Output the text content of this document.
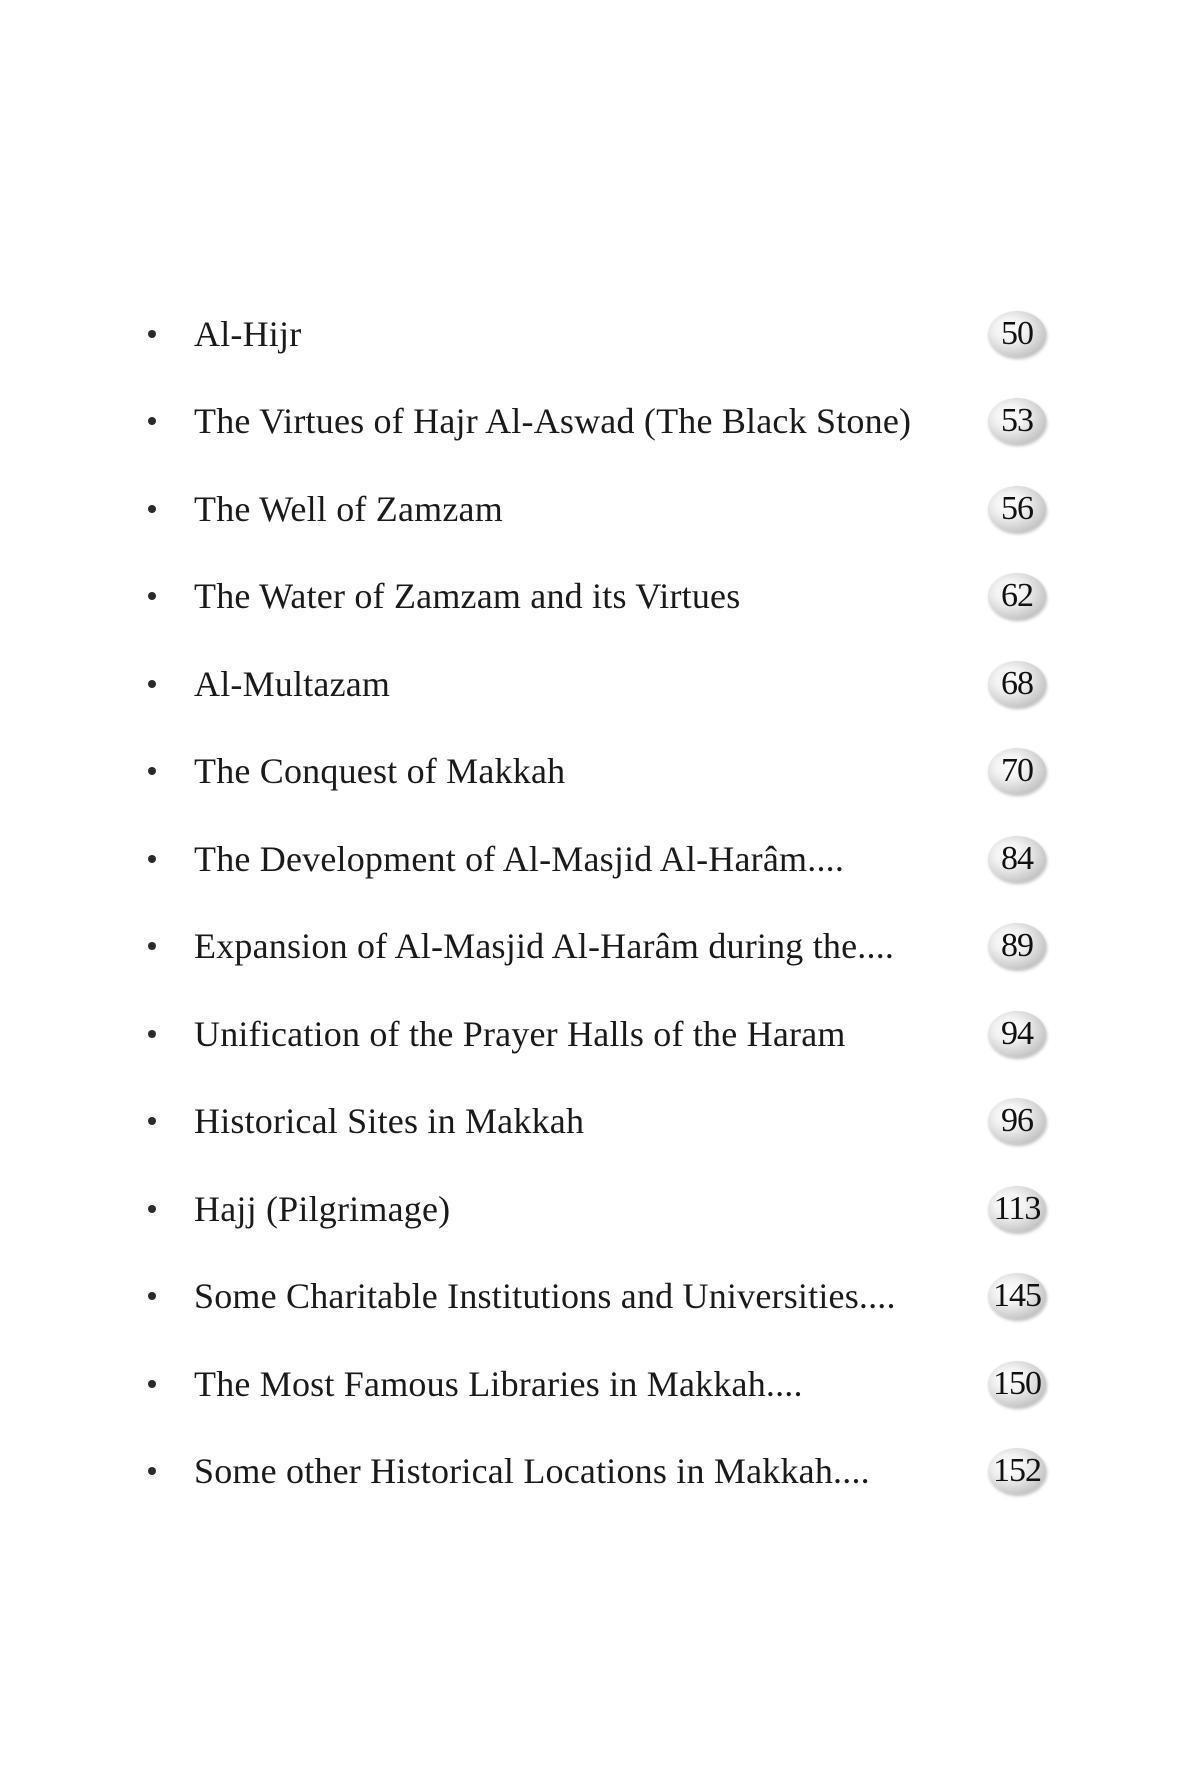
Al-Hijr	50
The Virtues of Hajr Al-Aswad (The Black Stone)	53
The Well of Zamzam	56
The Water of Zamzam and its Virtues	62
Al-Multazam	68
The Conquest of Makkah	70
The Development of Al-Masjid Al-Harâm....	84
Expansion of Al-Masjid Al-Harâm during the....	89
Unification of the Prayer Halls of the Haram	94
Historical Sites in Makkah	96
Hajj (Pilgrimage)	113
Some Charitable Institutions and Universities....	145
The Most Famous Libraries in Makkah....	150
Some other Historical Locations in Makkah....	152
